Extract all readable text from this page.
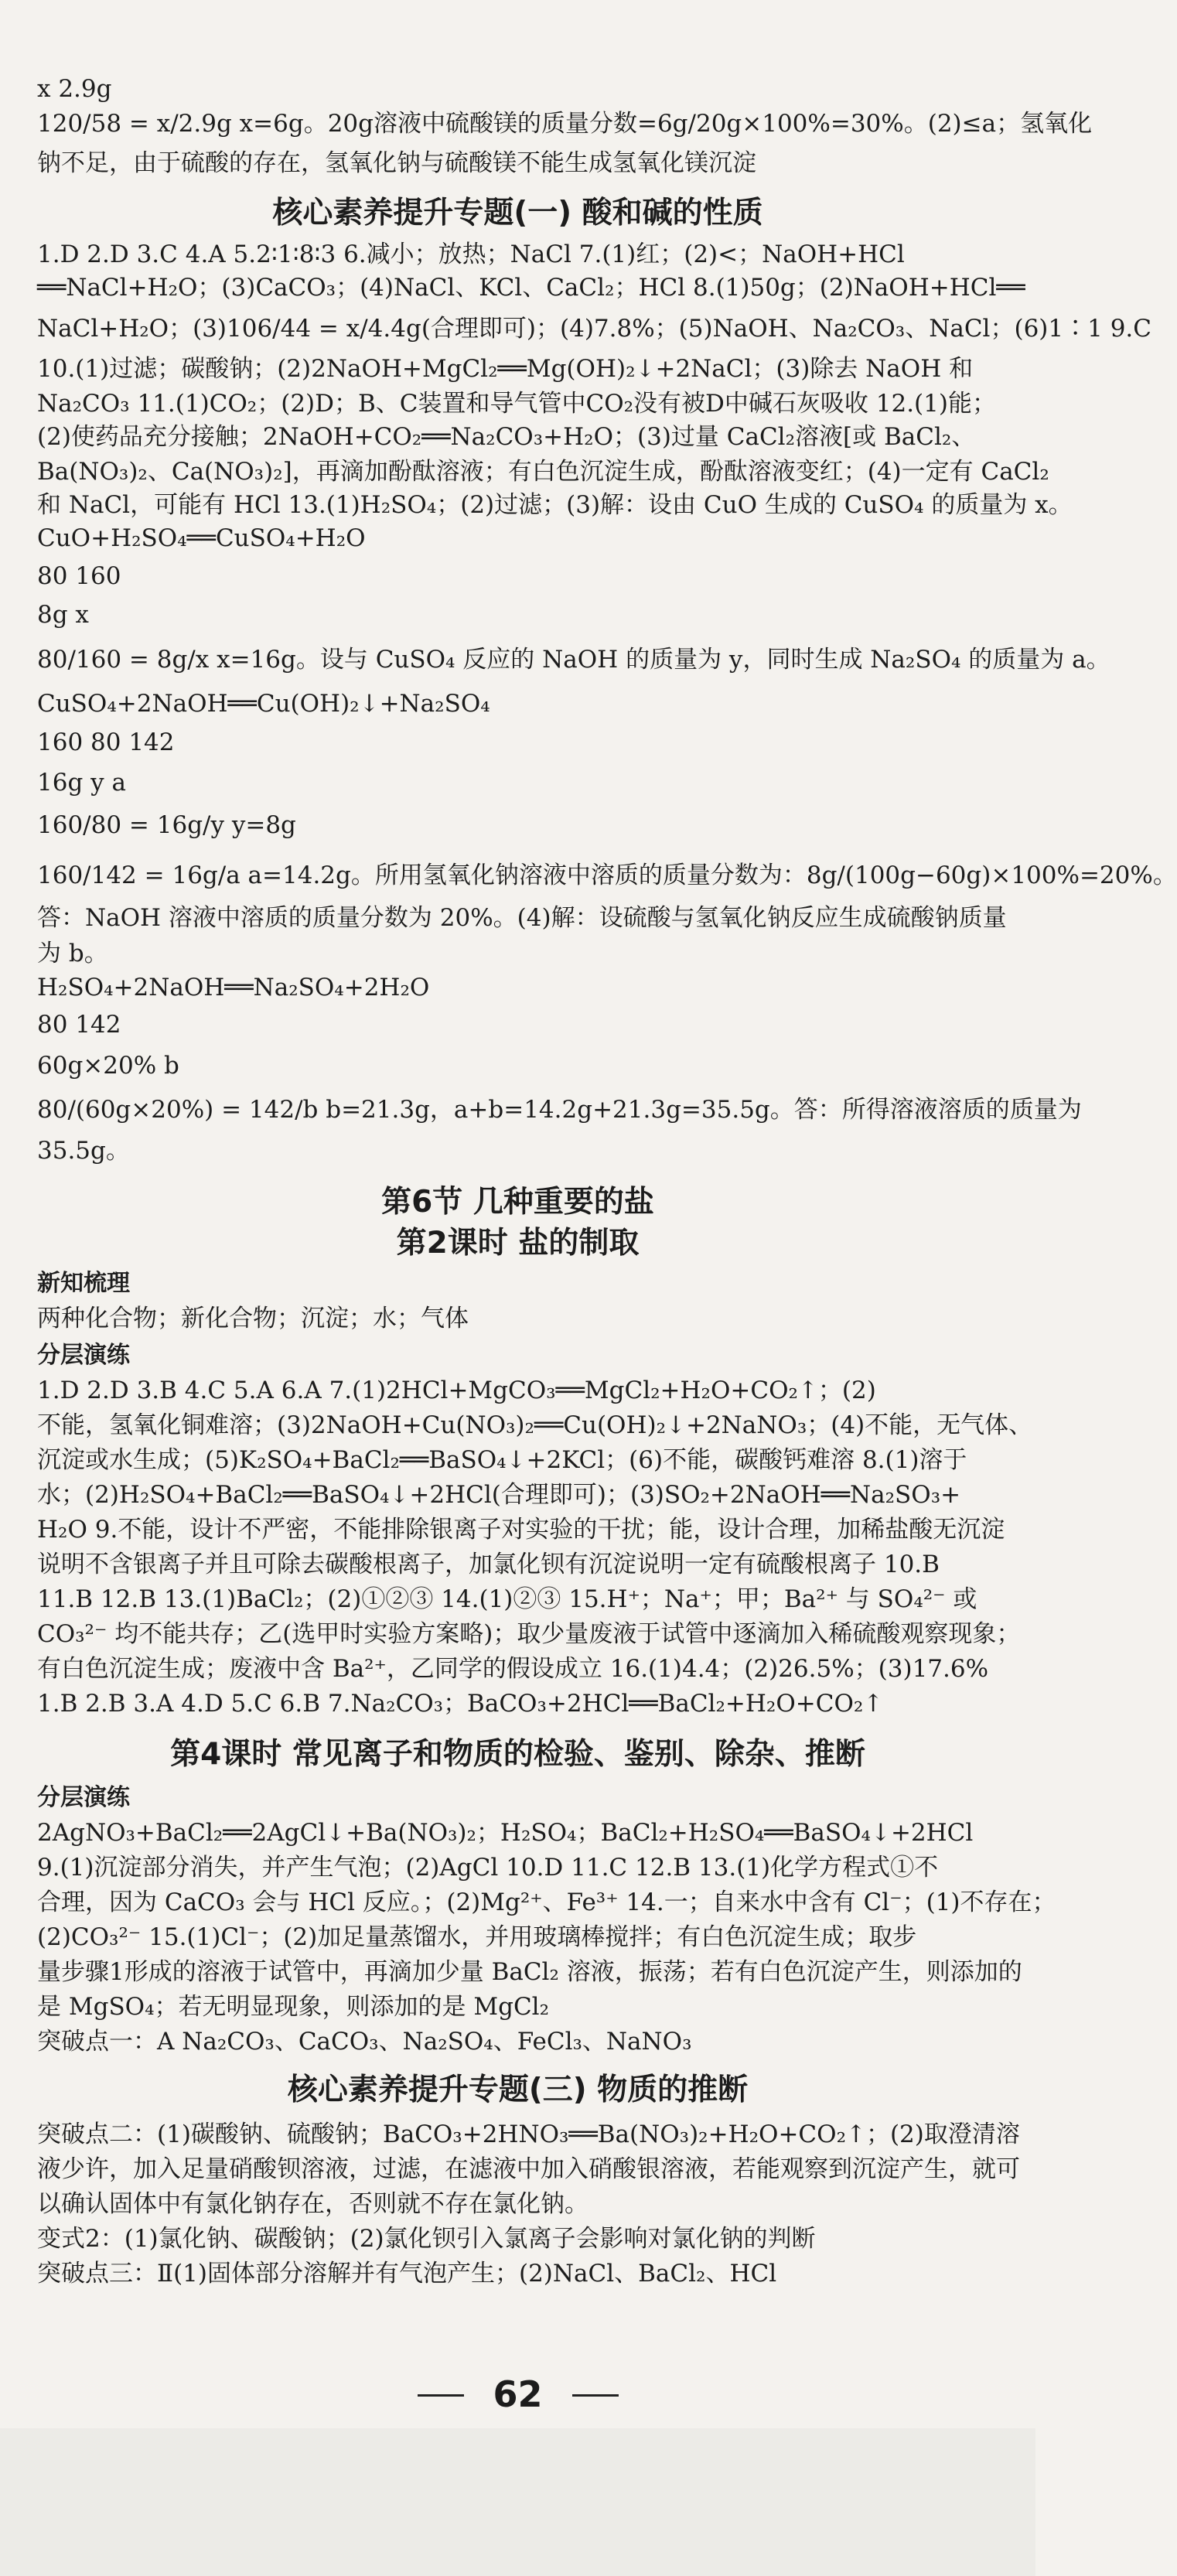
x 2.9g
120/58 = x/2.9g x=6g。20g溶液中硫酸镁的质量分数=6g/20g×100%=30%。(2)≤a；氢氧化
钠不足，由于硫酸的存在，氢氧化钠与硫酸镁不能生成氢氧化镁沉淀
核心素养提升专题(一) 酸和碱的性质
1.D 2.D 3.C 4.A 5.2∶1∶8∶3 6.减小；放热；NaCl 7.(1)红；(2)<；NaOH+HCl
══NaCl+H₂O；(3)CaCO₃；(4)NaCl、KCl、CaCl₂；HCl 8.(1)50g；(2)NaOH+HCl══
NaCl+H₂O；(3)106/44 = x/4.4g(合理即可)；(4)7.8%；(5)NaOH、Na₂CO₃、NaCl；(6)1∶1 9.C
10.(1)过滤；碳酸钠；(2)2NaOH+MgCl₂══Mg(OH)₂↓+2NaCl；(3)除去 NaOH 和
Na₂CO₃ 11.(1)CO₂；(2)D；B、C装置和导气管中CO₂没有被D中碱石灰吸收 12.(1)能；
(2)使药品充分接触；2NaOH+CO₂══Na₂CO₃+H₂O；(3)过量 CaCl₂溶液[或 BaCl₂、
Ba(NO₃)₂、Ca(NO₃)₂]，再滴加酚酞溶液；有白色沉淀生成，酚酞溶液变红；(4)一定有 CaCl₂
和 NaCl，可能有 HCl 13.(1)H₂SO₄；(2)过滤；(3)解：设由 CuO 生成的 CuSO₄ 的质量为 x。
CuO+H₂SO₄══CuSO₄+H₂O
80 160
8g x
80/160 = 8g/x x=16g。设与 CuSO₄ 反应的 NaOH 的质量为 y，同时生成 Na₂SO₄ 的质量为 a。
CuSO₄+2NaOH══Cu(OH)₂↓+Na₂SO₄
160 80 142
16g y a
160/80 = 16g/y y=8g
160/142 = 16g/a a=14.2g。所用氢氧化钠溶液中溶质的质量分数为：8g/(100g−60g)×100%=20%。
答：NaOH 溶液中溶质的质量分数为 20%。(4)解：设硫酸与氢氧化钠反应生成硫酸钠质量
为 b。
H₂SO₄+2NaOH══Na₂SO₄+2H₂O
80 142
60g×20% b
80/(60g×20%) = 142/b b=21.3g，a+b=14.2g+21.3g=35.5g。答：所得溶液溶质的质量为
35.5g。
第6节 几种重要的盐
第2课时 盐的制取
新知梳理
两种化合物；新化合物；沉淀；水；气体
分层演练
1.D 2.D 3.B 4.C 5.A 6.A 7.(1)2HCl+MgCO₃══MgCl₂+H₂O+CO₂↑；(2)
不能，氢氧化铜难溶；(3)2NaOH+Cu(NO₃)₂══Cu(OH)₂↓+2NaNO₃；(4)不能，无气体、
沉淀或水生成；(5)K₂SO₄+BaCl₂══BaSO₄↓+2KCl；(6)不能，碳酸钙难溶 8.(1)溶于
水；(2)H₂SO₄+BaCl₂══BaSO₄↓+2HCl(合理即可)；(3)SO₂+2NaOH══Na₂SO₃+
H₂O 9.不能，设计不严密，不能排除银离子对实验的干扰；能，设计合理，加稀盐酸无沉淀
说明不含银离子并且可除去碳酸根离子，加氯化钡有沉淀说明一定有硫酸根离子 10.B
11.B 12.B 13.(1)BaCl₂；(2)①②③ 14.(1)②③ 15.H⁺；Na⁺；甲；Ba²⁺ 与 SO₄²⁻ 或
CO₃²⁻ 均不能共存；乙(选甲时实验方案略)；取少量废液于试管中逐滴加入稀硫酸观察现象；
有白色沉淀生成；废液中含 Ba²⁺，乙同学的假设成立 16.(1)4.4；(2)26.5%；(3)17.6%
1.B 2.B 3.A 4.D 5.C 6.B 7.Na₂CO₃；BaCO₃+2HCl══BaCl₂+H₂O+CO₂↑
第4课时 常见离子和物质的检验、鉴别、除杂、推断
分层演练
2AgNO₃+BaCl₂══2AgCl↓+Ba(NO₃)₂；H₂SO₄；BaCl₂+H₂SO₄══BaSO₄↓+2HCl
9.(1)沉淀部分消失，并产生气泡；(2)AgCl 10.D 11.C 12.B 13.(1)化学方程式①不
合理，因为 CaCO₃ 会与 HCl 反应。；(2)Mg²⁺、Fe³⁺ 14.一；自来水中含有 Cl⁻；(1)不存在；
(2)CO₃²⁻ 15.(1)Cl⁻；(2)加足量蒸馏水，并用玻璃棒搅拌；有白色沉淀生成；取步
量步骤1形成的溶液于试管中，再滴加少量 BaCl₂ 溶液，振荡；若有白色沉淀产生，则添加的
是 MgSO₄；若无明显现象，则添加的是 MgCl₂
突破点一：A Na₂CO₃、CaCO₃、Na₂SO₄、FeCl₃、NaNO₃
核心素养提升专题(三) 物质的推断
突破点二：(1)碳酸钠、硫酸钠；BaCO₃+2HNO₃══Ba(NO₃)₂+H₂O+CO₂↑；(2)取澄清溶
液少许，加入足量硝酸钡溶液，过滤，在滤液中加入硝酸银溶液，若能观察到沉淀产生，就可
以确认固体中有氯化钠存在，否则就不存在氯化钠。
变式2：(1)氯化钠、碳酸钠；(2)氯化钡引入氯离子会影响对氯化钠的判断
突破点三：Ⅱ(1)固体部分溶解并有气泡产生；(2)NaCl、BaCl₂、HCl
62
